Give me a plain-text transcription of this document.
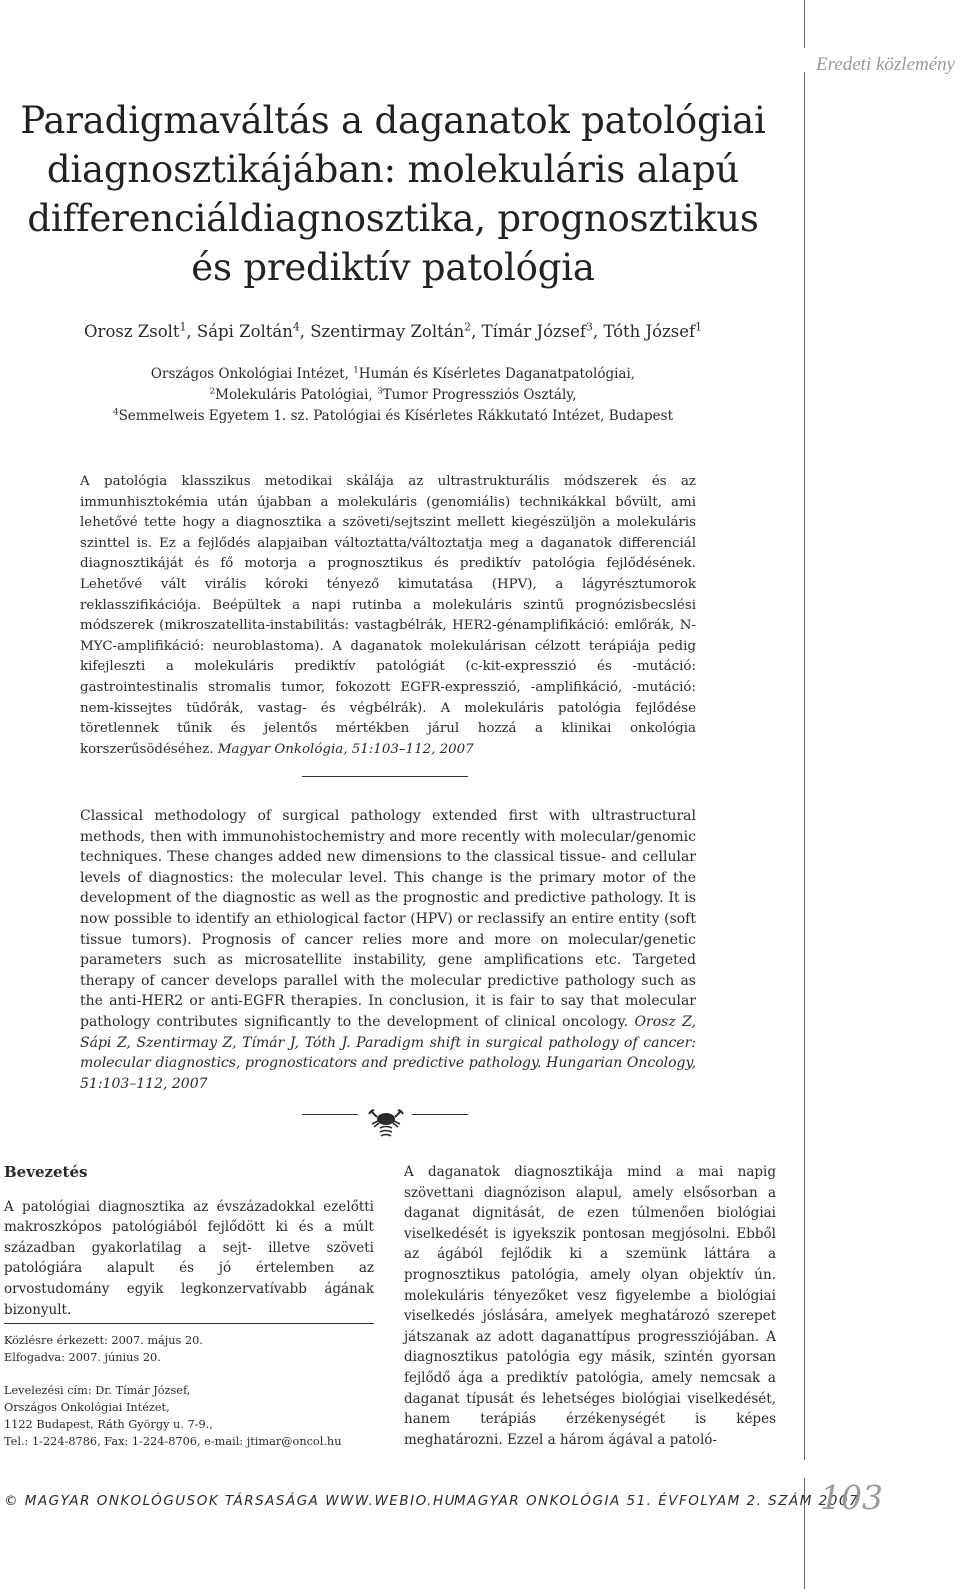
Eredeti közlemény
Paradigmaváltás a daganatok patológiai
diagnosztikájában: molekuláris alapú
differenciáldiagnosztika, prognosztikus
és prediktív patológia
Orosz Zsolt$^1$, Sápi Zoltán$^4$, Szentirmay Zoltán$^2$, Tímár József$^3$, Tóth József$^1$
Országos Onkológiai Intézet, $^1$Humán és Kísérletes Daganatpatológiai,
$^2$Molekuláris Patológiai, $^3$Tumor Progressziós Osztály,
$^4$Semmelweis Egyetem 1. sz. Patológiai és Kísérletes Rákkutató Intézet, Budapest
A patológia klasszikus metodikai skálája az ultrastrukturális módszerek és az immunhisztokémia után újabban a molekuláris (genomiális) technikákkal bővült, ami lehetővé tette hogy a diagnosztika a szöveti/sejtszint mellett kiegészüljön a molekuláris szinttel is. Ez a fejlődés alapjaiban változtatta/változtatja meg a daganatok differenciál diagnosztikáját és fő motorja a prognosztikus és prediktív patológia fejlődésének. Lehetővé vált virális kóroki tényező kimutatása (HPV), a lágyrésztumorok reklasszifikációja. Beépültek a napi rutinba a molekuláris szintű prognózisbecslési módszerek (mikroszatellita-instabilitás: vastagbélrák, HER2-génamplifikáció: emlőrák, N-MYC-amplifikáció: neuroblastoma). A daganatok molekulárisan célzott terápiája pedig kifejleszti a molekuláris prediktív patológiát (c-kit-expresszió és -mutáció: gastrointestinalis stromalis tumor, fokozott EGFR-expresszió, -amplifikáció, -mutáció: nem-kissejtes tüdőrák, vastag- és végbélrák). A molekuláris patológia fejlődése töretlennek tűnik és jelentős mértékben járul hozzá a klinikai onkológia korszerűsödéséhez. Magyar Onkológia, 51:103–112, 2007
Classical methodology of surgical pathology extended first with ultrastructural methods, then with immunohistochemistry and more recently with molecular/genomic techniques. These changes added new dimensions to the classical tissue- and cellular levels of diagnostics: the molecular level. This change is the primary motor of the development of the diagnostic as well as the prognostic and predictive pathology. It is now possible to identify an ethiological factor (HPV) or reclassify an entire entity (soft tissue tumors). Prognosis of cancer relies more and more on molecular/genetic parameters such as microsatellite instability, gene amplifications etc. Targeted therapy of cancer develops parallel with the molecular predictive pathology such as the anti-HER2 or anti-EGFR therapies. In conclusion, it is fair to say that molecular pathology contributes significantly to the development of clinical oncology. Orosz Z, Sápi Z, Szentirmay Z, Tímár J, Tóth J. Paradigm shift in surgical pathology of cancer: molecular diagnostics, prognosticators and predictive pathology. Hungarian Oncology, 51:103–112, 2007
Bevezetés

A patológiai diagnosztika az évszázadokkal ezelőtti makroszkópos patológiából fejlődött ki és a múlt században gyakorlatilag a sejt- illetve szöveti patológiára alapult és jó értelemben az orvostudomány egyik legkonzervatívabb ágának bizonyult.

Közlésre érkezett: 2007. május 20.
Elfogadva: 2007. június 20.
Levelezési cím: Dr. Tímár József,
Országos Onkológiai Intézet,
1122 Budapest, Ráth György u. 7-9.,
Tel.: 1-224-8786, Fax: 1-224-8706, e-mail: jtimar@oncol.hu

A daganatok diagnosztikája mind a mai napig szövettani diagnózison alapul, amely elsősorban a daganat dignitását, de ezen túlmenően biológiai viselkedését is igyekszik pontosan megjósolni. Ebből az ágából fejlődik ki a szemünk láttára a prognosztikus patológia, amely olyan objektív ún. molekuláris tényezőket vesz figyelembe a biológiai viselkedés jóslására, amelyek meghatározó szerepet játszanak az adott daganattípus progressziójában. A diagnosztikus patológia egy másik, szintén gyorsan fejlődő ága a prediktív patológia, amely nemcsak a daganat típusát és lehetséges biológiai viselkedését, hanem terápiás érzékenységét is képes meghatározni. Ezzel a három ágával a patoló-

© MAGYAR ONKOLÓGUSOK TÁRSASÁGA WWW.WEBIO.HU
MAGYAR ONKOLÓGIA 51. ÉVFOLYAM 2. SZÁM 2007
103
